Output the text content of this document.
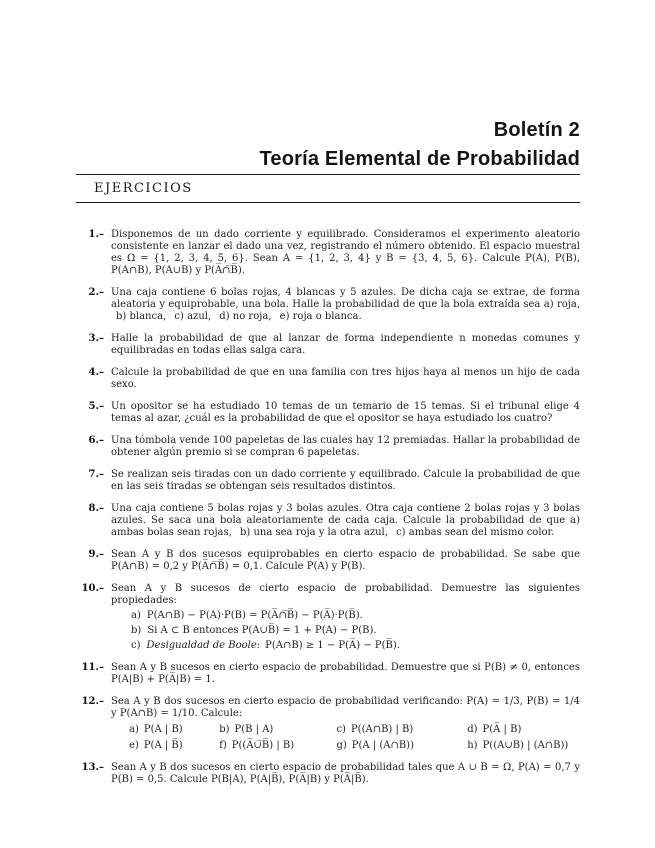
Boletín 2
Teoría Elemental de Probabilidad
EJERCICIOS
1.– Disponemos de un dado corriente y equilibrado. Consideramos el experimento aleatorio consistente en lanzar el dado una vez, registrando el número obtenido. El espacio muestral es Ω = {1, 2, 3, 4, 5, 6}. Sean A = {1, 2, 3, 4} y B = {3, 4, 5, 6}. Calcule P(A), P(B), P(A∩B), P(A∪B) y P(A̅∩̅B̅).

2.– Una caja contiene 6 bolas rojas, 4 blancas y 5 azules. De dicha caja se extrae, de forma aleatoria y equiprobable, una bola. Halle la probabilidad de que la bola extraída sea a) roja,  b) blanca,  c) azul,  d) no roja,  e) roja o blanca.

3.– Halle la probabilidad de que al lanzar de forma independiente n monedas comunes y equilibradas en todas ellas salga cara.

4.– Calcule la probabilidad de que en una familia con tres hijos haya al menos un hijo de cada sexo.

5.– Un opositor se ha estudiado 10 temas de un temario de 15 temas. Si el tribunal elige 4 temas al azar, ¿cuál es la probabilidad de que el opositor se haya estudiado los cuatro?

6.– Una tómbola vende 100 papeletas de las cuales hay 12 premiadas. Hallar la probabilidad de obtener algún premio si se compran 6 papeletas.

7.– Se realizan seis tiradas con un dado corriente y equilibrado. Calcule la probabilidad de que en las seis tiradas se obtengan seis resultados distintos.

8.– Una caja contiene 5 bolas rojas y 3 bolas azules. Otra caja contiene 2 bolas rojas y 3 bolas azules. Se saca una bola aleatoriamente de cada caja. Calcule la probabilidad de que a) ambas bolas sean rojas,  b) una sea roja y la otra azul,  c) ambas sean del mismo color.

9.– Sean A y B dos sucesos equiprobables en cierto espacio de probabilidad. Se sabe que P(A∩B) = 0,2 y P(A̅∩̅B̅) = 0,1. Calcule P(A) y P(B).

10.– Sean A y B sucesos de cierto espacio de probabilidad. Demuestre las siguientes propiedades:

a) P(A∩B) − P(A)·P(B) = P(A̅∩̅B̅) − P(A̅)·P(B̅).

b) Si A ⊂ B entonces P(A∪B̅) = 1 + P(A) − P(B).

c) Desigualdad de Boole: P(A∩B) ≥ 1 − P(A̅) − P(B̅).

11.– Sean A y B sucesos en cierto espacio de probabilidad. Demuestre que si P(B) ≠ 0, entonces P(A|B) + P(A̅|B) = 1.

12.– Sea A y B dos sucesos en cierto espacio de probabilidad verificando: P(A) = 1/3, P(B) = 1/4 y P(A∩B) = 1/10. Calcule:

a) P(A | B)	b) P(B | A)	c) P((A∩B) | B)	d) P(A̅ | B)

e) P(A | B̅)	f) P((A̅∪̅B̅) | B)	g) P(A | (A∩B))	h) P((A∪B) | (A∩B))

13.– Sean A y B dos sucesos en cierto espacio de probabilidad tales que A ∪ B = Ω, P(A) = 0,7 y P(B) = 0,5. Calcule P(B|A), P(A|B̅), P(A̅|B) y P(A̅|B̅).
